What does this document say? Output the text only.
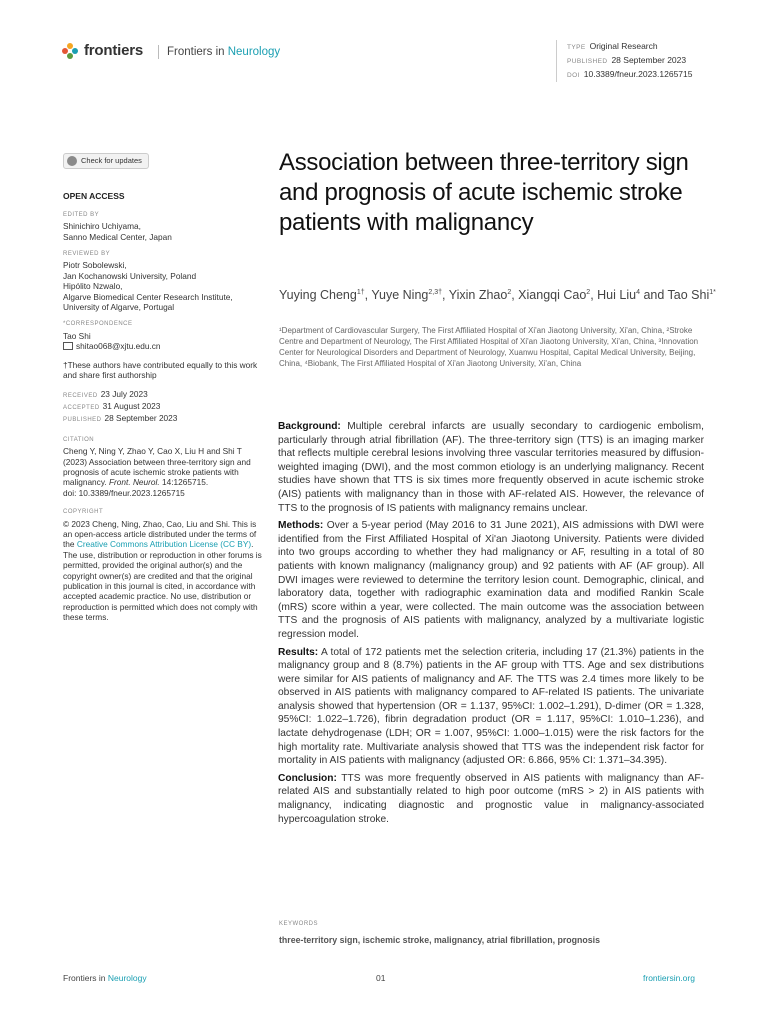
frontiers	Frontiers in Neurology	TYPE Original Research
PUBLISHED 28 September 2023
DOI 10.3389/fneur.2023.1265715
Check for updates
OPEN ACCESS
EDITED BY
Shinichiro Uchiyama,
Sanno Medical Center, Japan
REVIEWED BY
Piotr Sobolewski,
Jan Kochanowski University, Poland
Hipólito Nzwalo,
Algarve Biomedical Center Research Institute,
University of Algarve, Portugal
*CORRESPONDENCE
Tao Shi
shitao068@xjtu.edu.cn
†These authors have contributed equally to this work and share first authorship
RECEIVED 23 July 2023
ACCEPTED 31 August 2023
PUBLISHED 28 September 2023
CITATION
Cheng Y, Ning Y, Zhao Y, Cao X, Liu H and Shi T (2023) Association between three-territory sign and prognosis of acute ischemic stroke patients with malignancy. Front. Neurol. 14:1265715.
doi: 10.3389/fneur.2023.1265715
COPYRIGHT
© 2023 Cheng, Ning, Zhao, Cao, Liu and Shi. This is an open-access article distributed under the terms of the Creative Commons Attribution License (CC BY). The use, distribution or reproduction in other forums is permitted, provided the original author(s) and the copyright owner(s) are credited and that the original publication in this journal is cited, in accordance with accepted academic practice. No use, distribution or reproduction is permitted which does not comply with these terms.
Association between three-territory sign and prognosis of acute ischemic stroke patients with malignancy
Yuying Cheng$^{1\dagger}$, Yuye Ning$^{2,3\dagger}$, Yixin Zhao$^2$, Xiangqi Cao$^2$, Hui Liu$^4$ and Tao Shi$^{1*}$
¹Department of Cardiovascular Surgery, The First Affiliated Hospital of Xi'an Jiaotong University, Xi'an, China, ²Stroke Centre and Department of Neurology, The First Affiliated Hospital of Xi'an Jiaotong University, Xi'an, China, ³Innovation Center for Neurological Disorders and Department of Neurology, Xuanwu Hospital, Capital Medical University, Beijing, China, ⁴Biobank, The First Affiliated Hospital of Xi'an Jiaotong University, Xi'an, China

Background: Multiple cerebral infarcts are usually secondary to cardiogenic embolism, particularly through atrial fibrillation (AF). The three-territory sign (TTS) is an imaging marker that reflects multiple cerebral lesions involving three vascular territories measured by diffusion-weighted imaging (DWI), and the most common etiology is an underlying malignancy. Recent studies have shown that TTS is six times more frequently observed in acute ischemic stroke (AIS) patients with malignancy than in those with AF-related AIS. However, the relevance of TTS to the prognosis of IS patients with malignancy remains unclear.

Methods: Over a 5-year period (May 2016 to 31 June 2021), AIS admissions with DWI were identified from the First Affiliated Hospital of Xi'an Jiaotong University. Patients were divided into two groups according to whether they had malignancy or AF, resulting in a total of 80 patients with known malignancy (malignancy group) and 92 patients with AF (AF group). All DWI images were reviewed to determine the territory lesion count. Demographic, clinical, and laboratory data, together with radiographic examination data and modified Rankin Scale (mRS) score within a year, were collected. The main outcome was the association between TTS and the prognosis of AIS patients with malignancy, analyzed by a multivariate logistic regression model.

Results: A total of 172 patients met the selection criteria, including 17 (21.3%) patients in the malignancy group and 8 (8.7%) patients in the AF group with TTS. Age and sex distributions were similar for AIS patients of malignancy and AF. The TTS was 2.4 times more likely to be observed in AIS patients with malignancy compared to AF-related IS patients. The univariate analysis showed that hypertension (OR = 1.137, 95%CI: 1.002–1.291), D-dimer (OR = 1.328, 95%CI: 1.022–1.726), fibrin degradation product (OR = 1.117, 95%CI: 1.010–1.236), and lactate dehydrogenase (LDH; OR = 1.007, 95%CI: 1.000–1.015) were the risk factors for the high mortality rate. Multivariate analysis showed that TTS was the independent risk factor for mortality in AIS patients with malignancy (adjusted OR: 6.866, 95% CI: 1.371–34.395).

Conclusion: TTS was more frequently observed in AIS patients with malignancy than AF-related AIS and substantially related to high poor outcome (mRS > 2) in AIS patients with malignancy, indicating diagnostic and prognostic value in malignancy-associated hypercoagulation stroke.

KEYWORDS
three-territory sign, ischemic stroke, malignancy, atrial fibrillation, prognosis
Frontiers in Neurology	01	frontiersin.org
